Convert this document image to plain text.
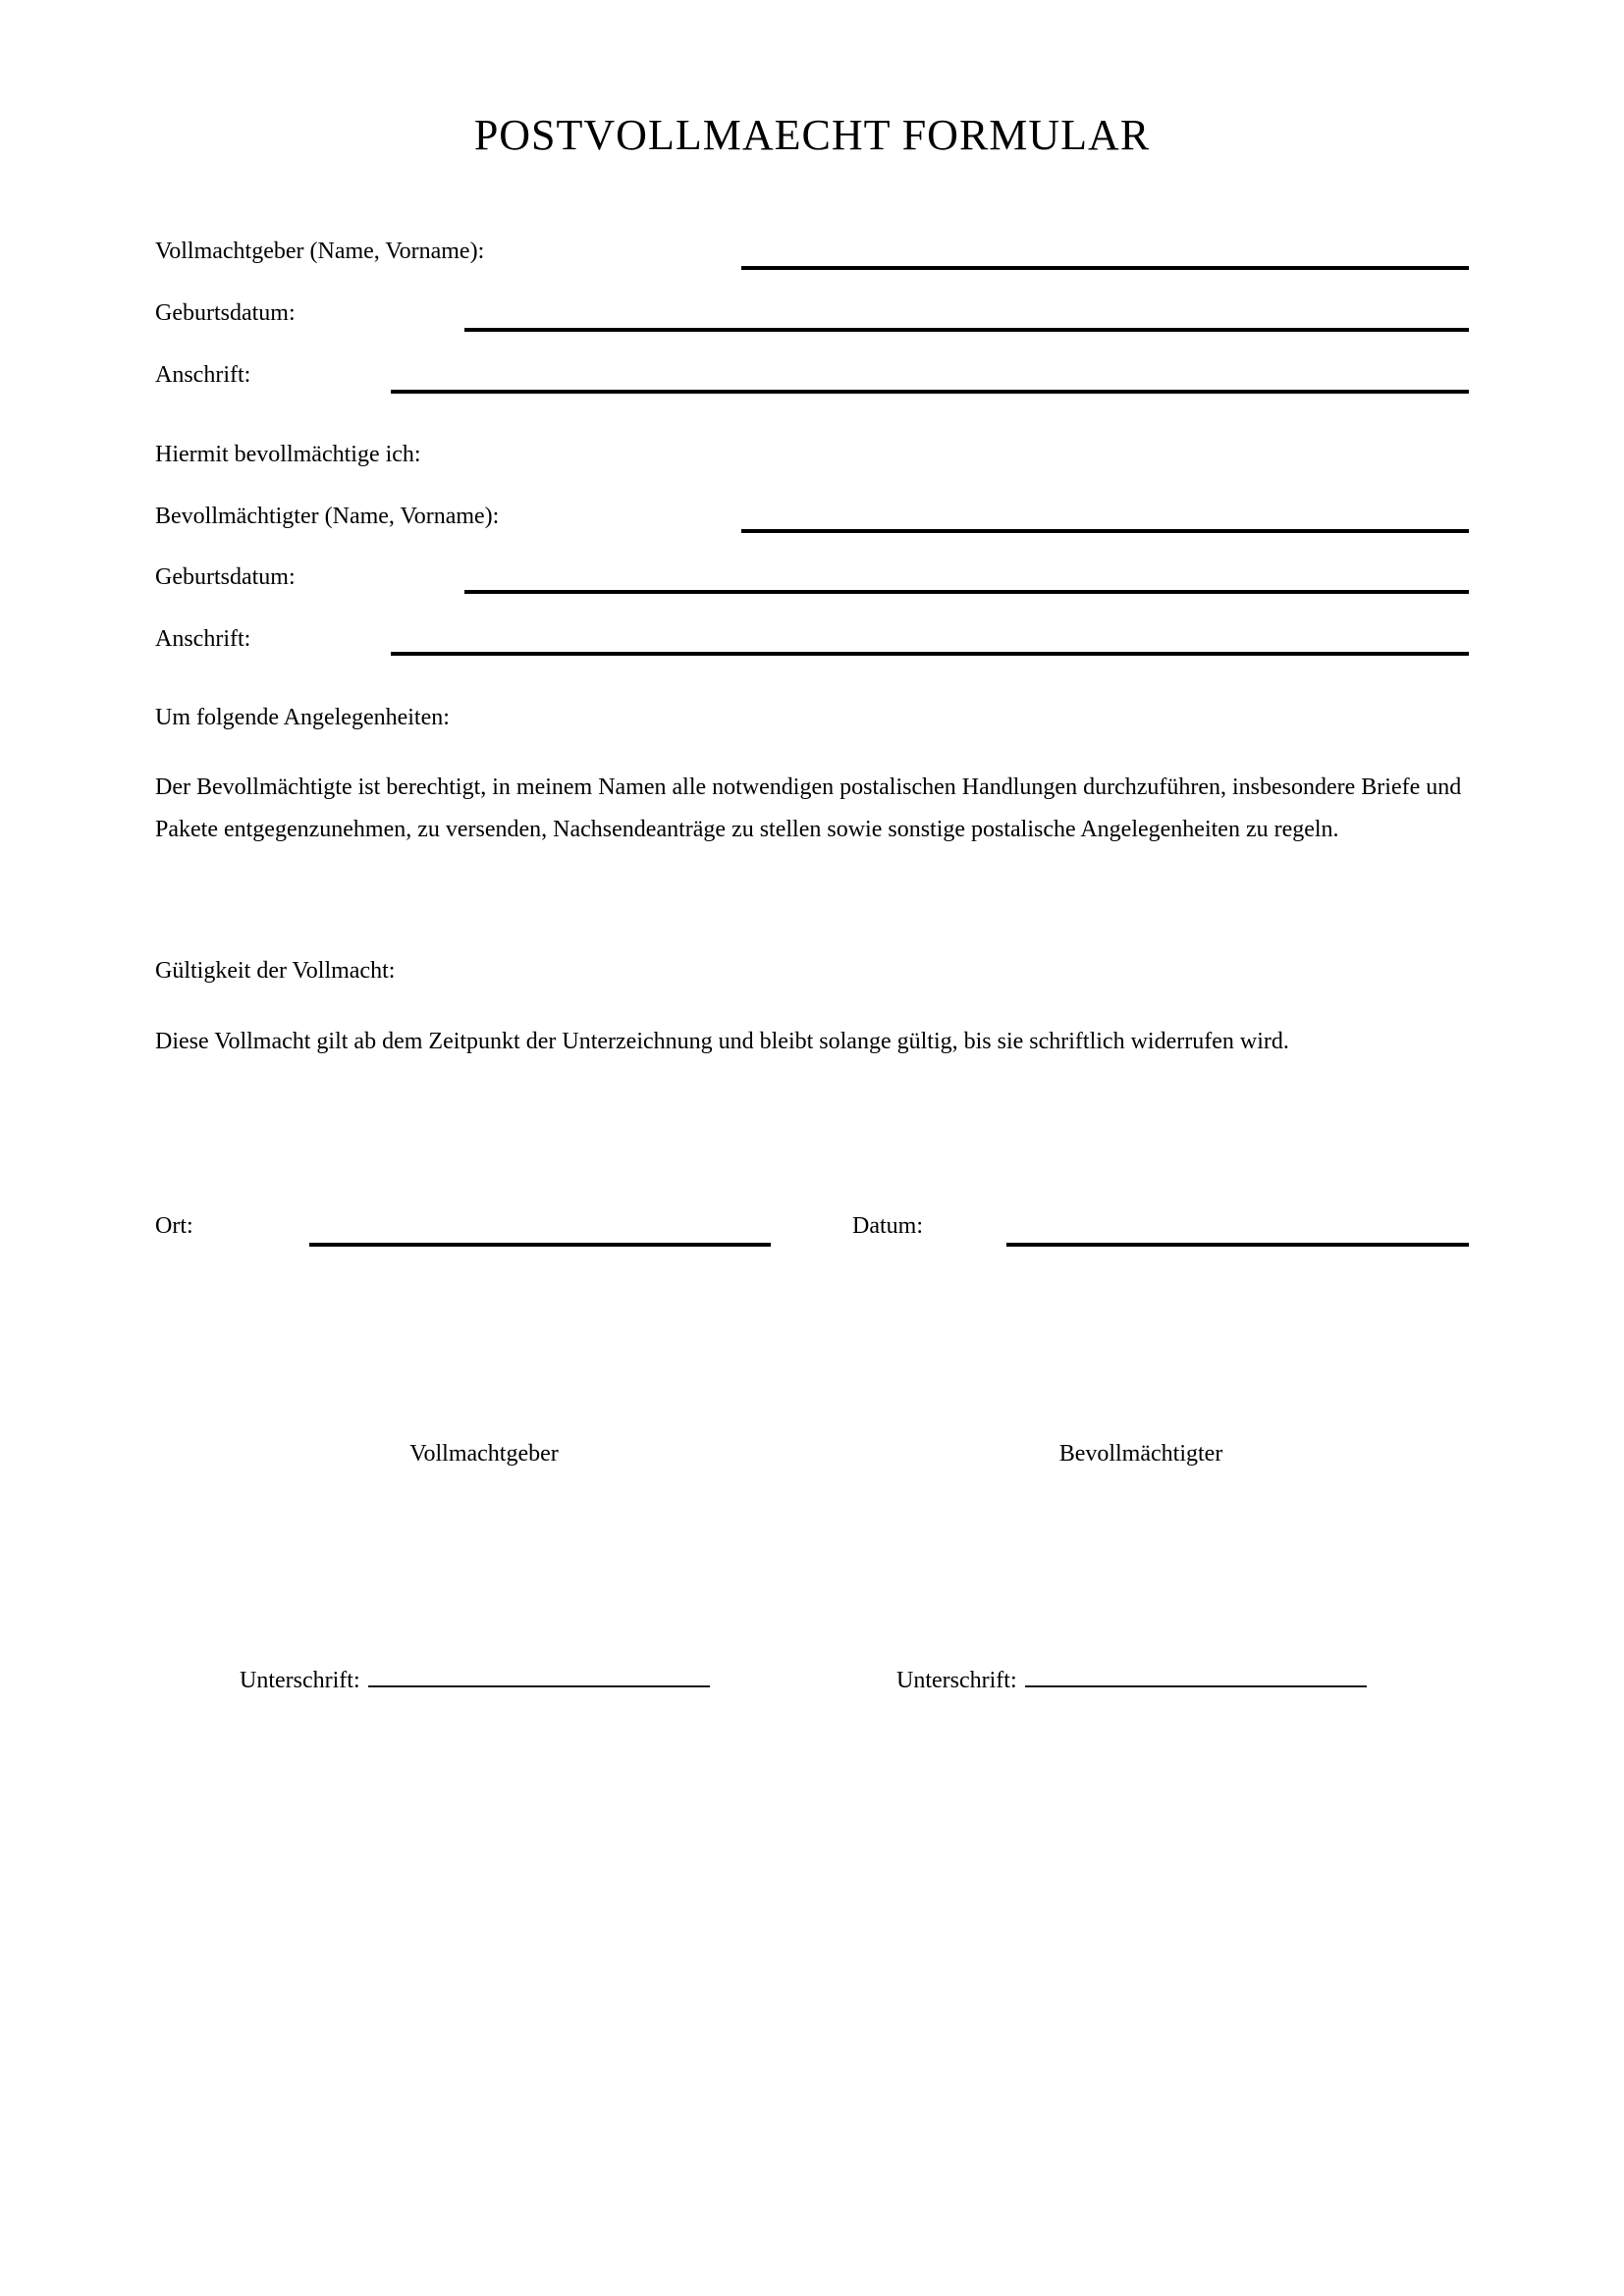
POSTVOLLMAECHT FORMULAR
Vollmachtgeber (Name, Vorname):
Geburtsdatum:
Anschrift:
Hiermit bevollmächtige ich:
Bevollmächtigter (Name, Vorname):
Geburtsdatum:
Anschrift:
Um folgende Angelegenheiten:
Der Bevollmächtigte ist berechtigt, in meinem Namen alle notwendigen postalischen Handlungen durchzuführen, insbesondere Briefe und Pakete entgegenzunehmen, zu versenden, Nachsendeanträge zu stellen sowie sonstige postalische Angelegenheiten zu regeln.
Gültigkeit der Vollmacht:
Diese Vollmacht gilt ab dem Zeitpunkt der Unterzeichnung und bleibt solange gültig, bis sie schriftlich widerrufen wird.
Ort:	Datum:
Vollmachtgeber	Bevollmächtigter
Unterschrift:	Unterschrift:
